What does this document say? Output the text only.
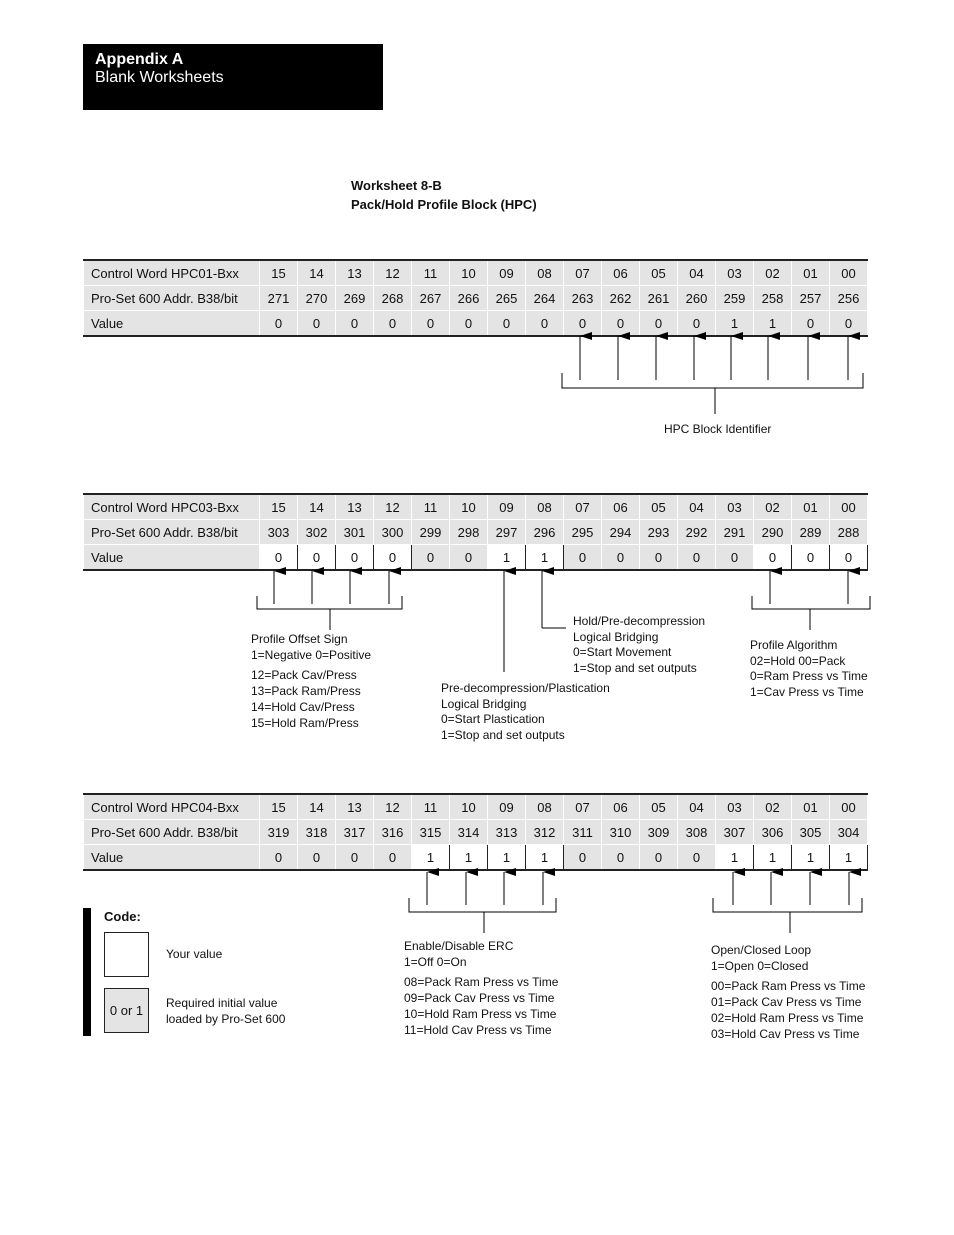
Appendix A
Blank Worksheets
Worksheet 8-B
Pack/Hold Profile Block (HPC)
Control Word HPC01-Bxx	15	14	13	12	11	10	09	08	07	06	05	04	03	02	01	00
Pro-Set 600 Addr. B38/bit	271	270	269	268	267	266	265	264	263	262	261	260	259	258	257	256
Value	0	0	0	0	0	0	0	0	0	0	0	0	1	1	0	0
Control Word HPC03-Bxx	15	14	13	12	11	10	09	08	07	06	05	04	03	02	01	00
Pro-Set 600 Addr. B38/bit	303	302	301	300	299	298	297	296	295	294	293	292	291	290	289	288
Value	0	0	0	0	0	0	1	1	0	0	0	0	0	0	0	0
Control Word HPC04-Bxx	15	14	13	12	11	10	09	08	07	06	05	04	03	02	01	00
Pro-Set 600 Addr. B38/bit	319	318	317	316	315	314	313	312	311	310	309	308	307	306	305	304
Value	0	0	0	0	1	1	1	1	0	0	0	0	1	1	1	1
HPC Block Identifier
Profile Offset Sign
1=Negative 0=Positive
12=Pack Cav/Press
13=Pack Ram/Press
14=Hold Cav/Press
15=Hold Ram/Press
Hold/Pre-decompression
Logical Bridging
0=Start Movement
1=Stop and set outputs
Pre-decompression/Plastication
Logical Bridging
0=Start Plastication
1=Stop and set outputs
Profile Algorithm
02=Hold 00=Pack
0=Ram Press vs Time
1=Cav Press vs Time
Enable/Disable ERC
1=Off 0=On
08=Pack Ram Press vs Time
09=Pack Cav Press vs Time
10=Hold Ram Press vs Time
11=Hold Cav Press vs Time
Open/Closed Loop
1=Open 0=Closed
00=Pack Ram Press vs Time
01=Pack Cav Press vs Time
02=Hold Ram Press vs Time
03=Hold Cav Press vs Time
Code:
Your value
0 or 1	Required initial value
loaded by Pro-Set 600
